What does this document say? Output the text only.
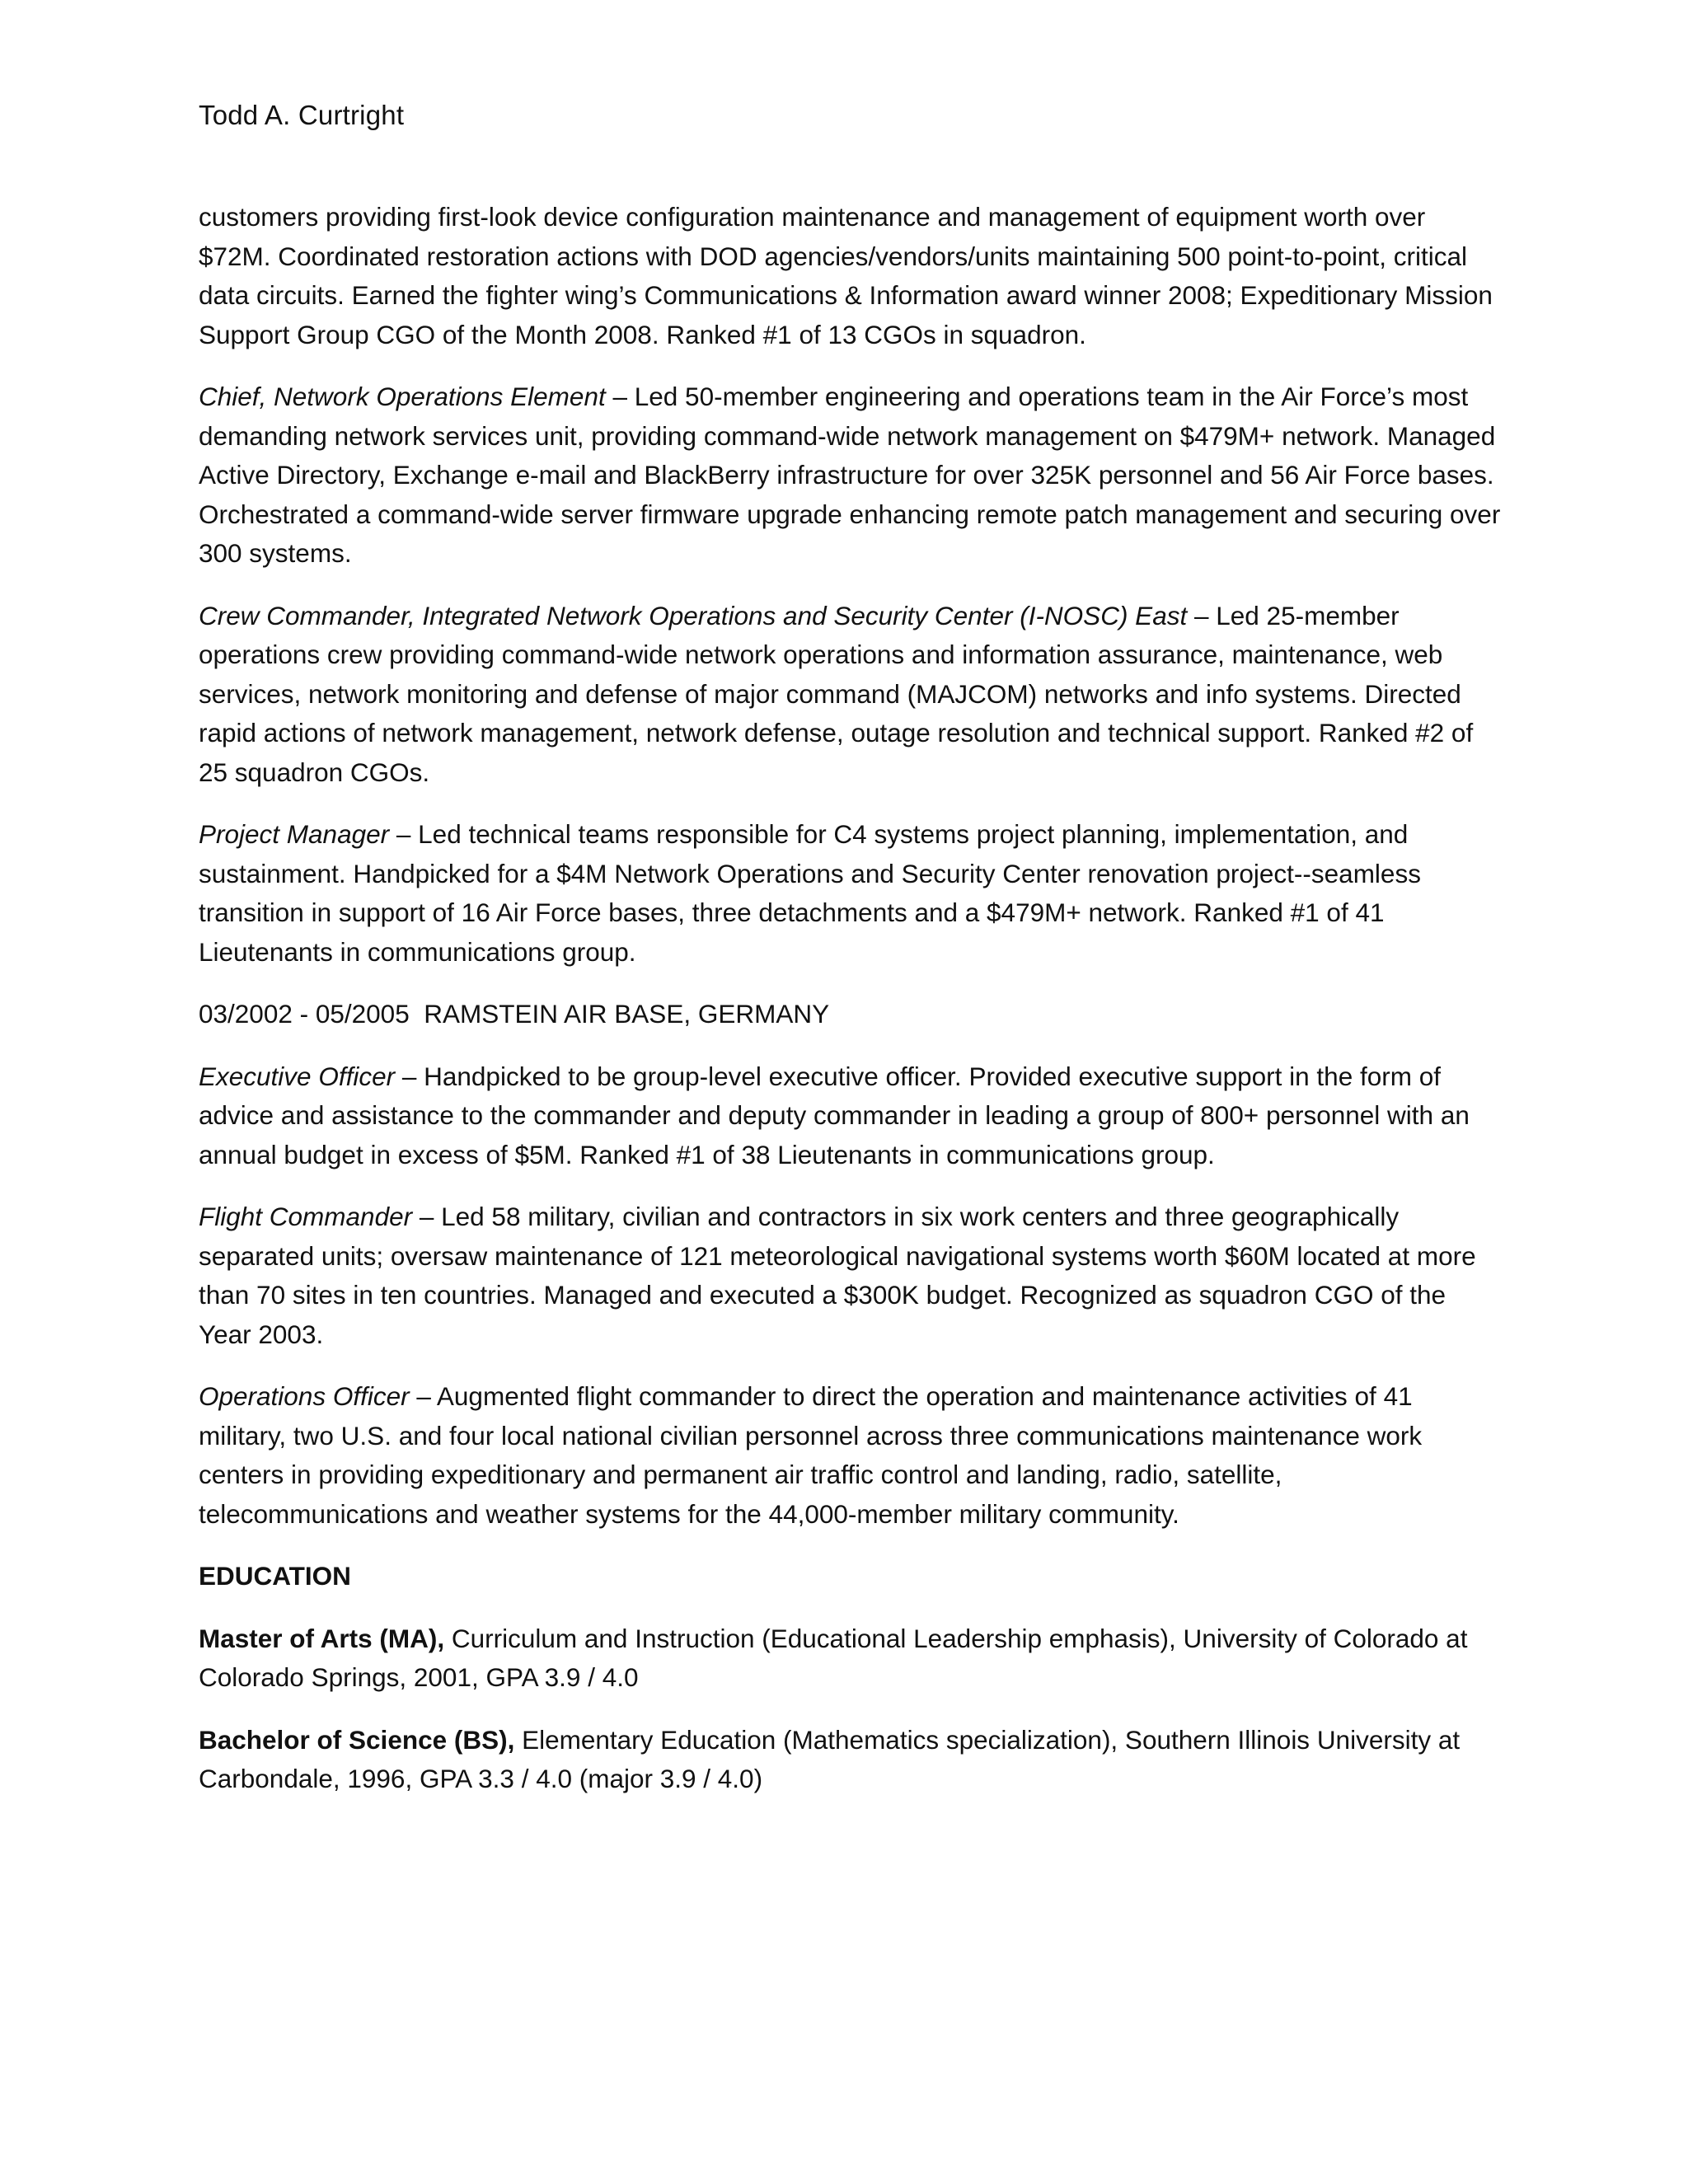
Todd A. Curtright

customers providing first-look device configuration maintenance and management of equipment worth over $72M. Coordinated restoration actions with DOD agencies/vendors/units maintaining 500 point-to-point, critical data circuits. Earned the fighter wing’s Communications & Information award winner 2008; Expeditionary Mission Support Group CGO of the Month 2008. Ranked #1 of 13 CGOs in squadron.

Chief, Network Operations Element – Led 50-member engineering and operations team in the Air Force’s most demanding network services unit, providing command-wide network management on $479M+ network. Managed Active Directory, Exchange e-mail and BlackBerry infrastructure for over 325K personnel and 56 Air Force bases. Orchestrated a command-wide server firmware upgrade enhancing remote patch management and securing over 300 systems.

Crew Commander, Integrated Network Operations and Security Center (I-NOSC) East – Led 25-member operations crew providing command-wide network operations and information assurance, maintenance, web services, network monitoring and defense of major command (MAJCOM) networks and info systems. Directed rapid actions of network management, network defense, outage resolution and technical support. Ranked #2 of 25 squadron CGOs.

Project Manager – Led technical teams responsible for C4 systems project planning, implementation, and sustainment. Handpicked for a $4M Network Operations and Security Center renovation project--seamless transition in support of 16 Air Force bases, three detachments and a $479M+ network. Ranked #1 of 41 Lieutenants in communications group.

03/2002 - 05/2005 RAMSTEIN AIR BASE, GERMANY

Executive Officer – Handpicked to be group-level executive officer. Provided executive support in the form of advice and assistance to the commander and deputy commander in leading a group of 800+ personnel with an annual budget in excess of $5M. Ranked #1 of 38 Lieutenants in communications group.

Flight Commander – Led 58 military, civilian and contractors in six work centers and three geographically separated units; oversaw maintenance of 121 meteorological navigational systems worth $60M located at more than 70 sites in ten countries. Managed and executed a $300K budget. Recognized as squadron CGO of the Year 2003.

Operations Officer – Augmented flight commander to direct the operation and maintenance activities of 41 military, two U.S. and four local national civilian personnel across three communications maintenance work centers in providing expeditionary and permanent air traffic control and landing, radio, satellite, telecommunications and weather systems for the 44,000-member military community.

EDUCATION

Master of Arts (MA), Curriculum and Instruction (Educational Leadership emphasis), University of Colorado at Colorado Springs, 2001, GPA 3.9 / 4.0

Bachelor of Science (BS), Elementary Education (Mathematics specialization), Southern Illinois University at Carbondale, 1996, GPA 3.3 / 4.0 (major 3.9 / 4.0)
